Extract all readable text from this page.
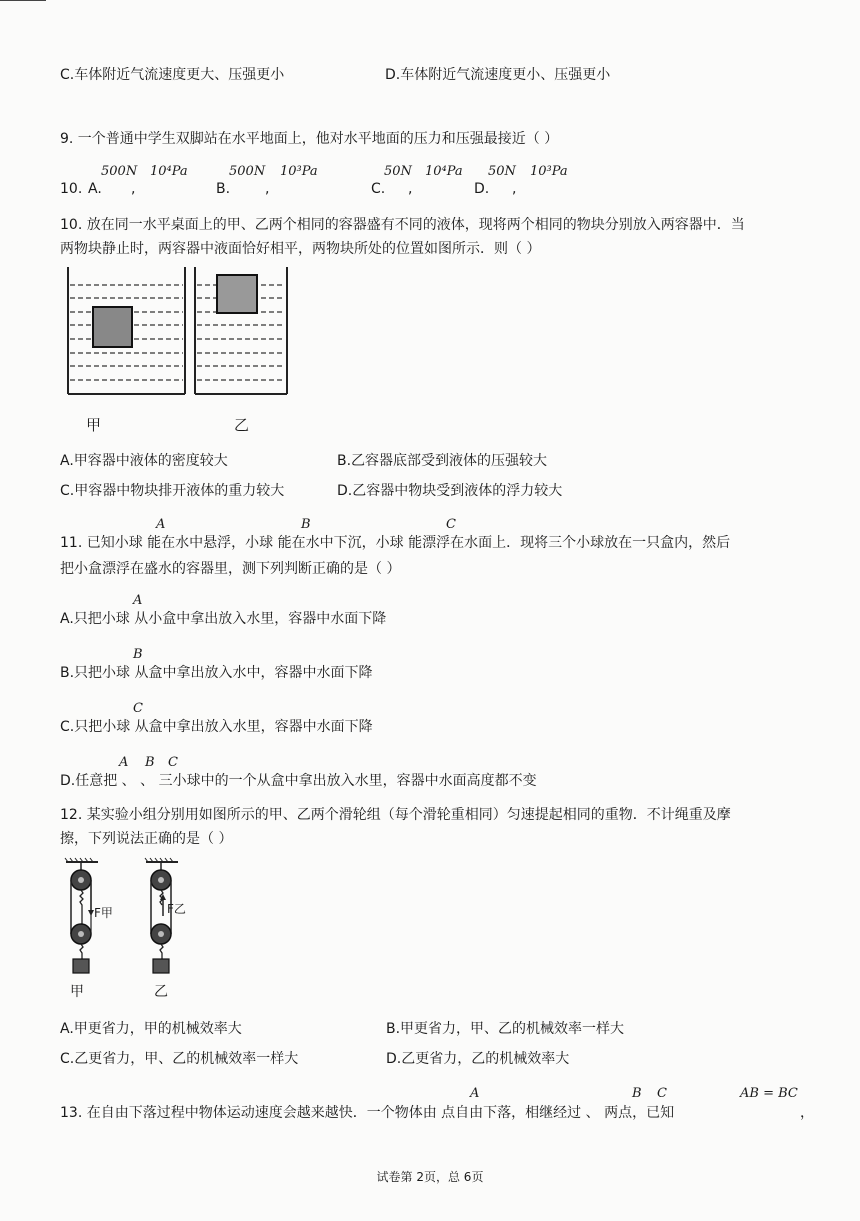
C.车体附近气流速度更大、压强更小	D.车体附近气流速度更小、压强更小
9. 一个普通中学生双脚站在水平地面上，他对水平地面的压力和压强最接近（ ）
10. A.
500N 10⁴Pa
,	B.
500N 10³Pa
,	C.
50N 10⁴Pa
,	D.
50N 10³Pa
,
10. 放在同一水平桌面上的甲、乙两个相同的容器盛有不同的液体，现将两个相同的物块分别放入两容器中．当
两物块静止时，两容器中液面恰好相平，两物块所处的位置如图所示．则（ ）
甲	乙
A.甲容器中液体的密度较大	B.乙容器底部受到液体的压强较大
C.甲容器中物块排开液体的重力较大	D.乙容器中物块受到液体的浮力较大
11. 已知小球 能在水中悬浮，小球 能在水中下沉，小球 能漂浮在水面上．现将三个小球放在一只盒内，然后
A	B	C
把小盒漂浮在盛水的容器里，测下列判断正确的是（ ）
A.只把小球 从小盒中拿出放入水里，容器中水面下降
A
B.只把小球 从盒中拿出放入水中，容器中水面下降
B
C.只把小球 从盒中拿出放入水里，容器中水面下降
C
D.任意把 、 、 三小球中的一个从盒中拿出放入水里，容器中水面高度都不变
A B C
12. 某实验小组分别用如图所示的甲、乙两个滑轮组（每个滑轮重相同）匀速提起相同的重物．不计绳重及摩
擦，下列说法正确的是（ ）
F甲	F乙
甲	乙
A.甲更省力，甲的机械效率大	B.甲更省力，甲、乙的机械效率一样大
C.乙更省力，甲、乙的机械效率一样大	D.乙更省力，乙的机械效率大
13. 在自由下落过程中物体运动速度会越来越快．一个物体由 点自由下落，相继经过 、 两点，已知
A	B C	AB = BC
，
试卷第 2页，总 6页
